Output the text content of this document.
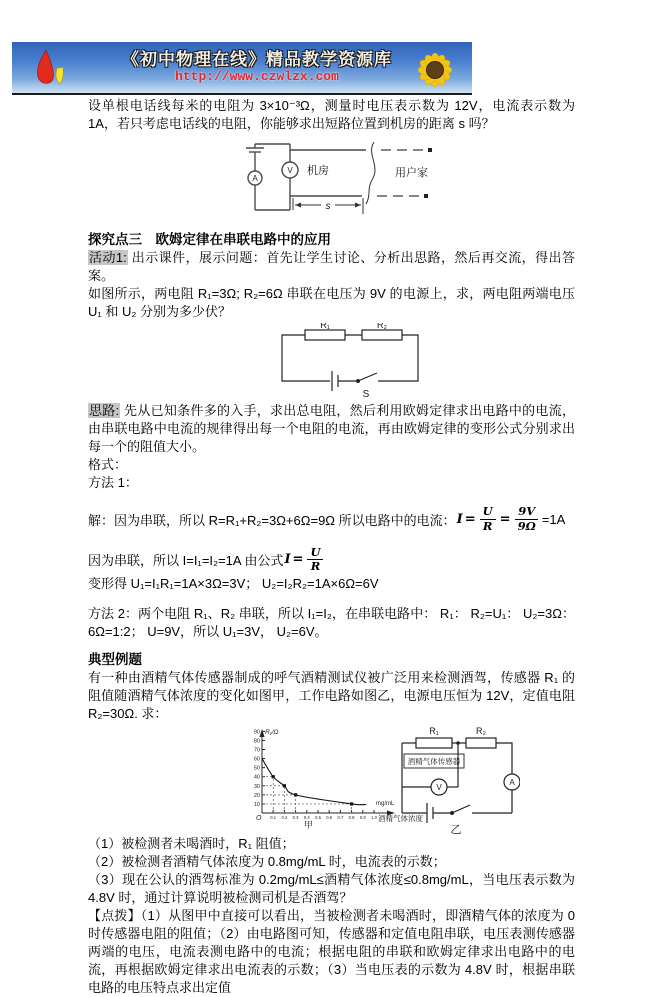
《初中物理在线》精品教学资源库
http://www.czwlzx.com

设单根电话线每米的电阻为 3×10⁻³Ω，测量时电压表示数为 12V，电流表示数为 1A，若只考虑电话线的电阻，你能够求出短路位置到机房的距离 s 吗？

A
V 机房	用户家
s
探究点三　欧姆定律在串联电路中的应用

活动1: 出示课件，展示问题：首先让学生讨论、分析出思路，然后再交流，得出答案。

如图所示，两电阻 R₁=3Ω; R₂=6Ω 串联在电压为 9V 的电源上，求，两电阻两端电压 U₁ 和 U₂ 分别为多少伏？

R₁	R₂
S

思路: 先从已知条件多的入手，求出总电阻，然后利用欧姆定律求出电路中的电流，由串联电路中电流的规律得出每一个电阻的电流，再由欧姆定律的变形公式分别求出每一个的阻值大小。

格式：

方法 1：

解：因为串联，所以 R=R₁+R₂=3Ω+6Ω=9Ω 所以电路中的电流： $I = \frac{U}{R} = \frac{9V}{9\Omega} =1A$

因为串联，所以 I=I₁=I₂=1A 由公式 $I = \frac{U}{R}$
变形得 U₁=I₁R₁=1A×3Ω=3V； U₂=I₂R₂=1A×6Ω=6V

方法 2：两个电阻 R₁、R₂ 串联，所以 I₁=I₂，在串联电路中： R₁： R₂=U₁： U₂=3Ω： 6Ω=1:2； U=9V，所以 U₁=3V， U₂=6V。

典型例题

有一种由酒精气体传感器制成的呼气酒精测试仪被广泛用来检测酒驾，传感器 R₁ 的阻值随酒精气体浓度的变化如图甲，工作电路如图乙，电源电压恒为 12V，定值电阻 R₂=30Ω. 求：

10
20
30
40
50
60
70
80
90
0.1 0.2 0.3 0.4 0.5 0.6 0.7 0.8 0.9 1.0
R₁/Ω
mg/mL
酒精气体浓度
O
甲
R₁	R₂
酒精气体传感器
V
A
乙

（1）被检测者未喝酒时，R₁ 阻值；

（2）被检测者酒精气体浓度为 0.8mg/mL 时，电流表的示数；

（3）现在公认的酒驾标准为 0.2mg/mL≤酒精气体浓度≤0.8mg/mL，当电压表示数为 4.8V 时，通过计算说明被检测司机是否酒驾？

【点拨】（1）从图甲中直接可以看出，当被检测者未喝酒时，即酒精气体的浓度为 0 时传感器电阻的阻值；（2）由电路图可知，传感器和定值电阻串联，电压表测传感器两端的电压，电流表测电路中的电流；根据电阻的串联和欧姆定律求出电路中的电流，再根据欧姆定律求出电流表的示数；（3）当电压表的示数为 4.8V 时，根据串联电路的电压特点求出定值
